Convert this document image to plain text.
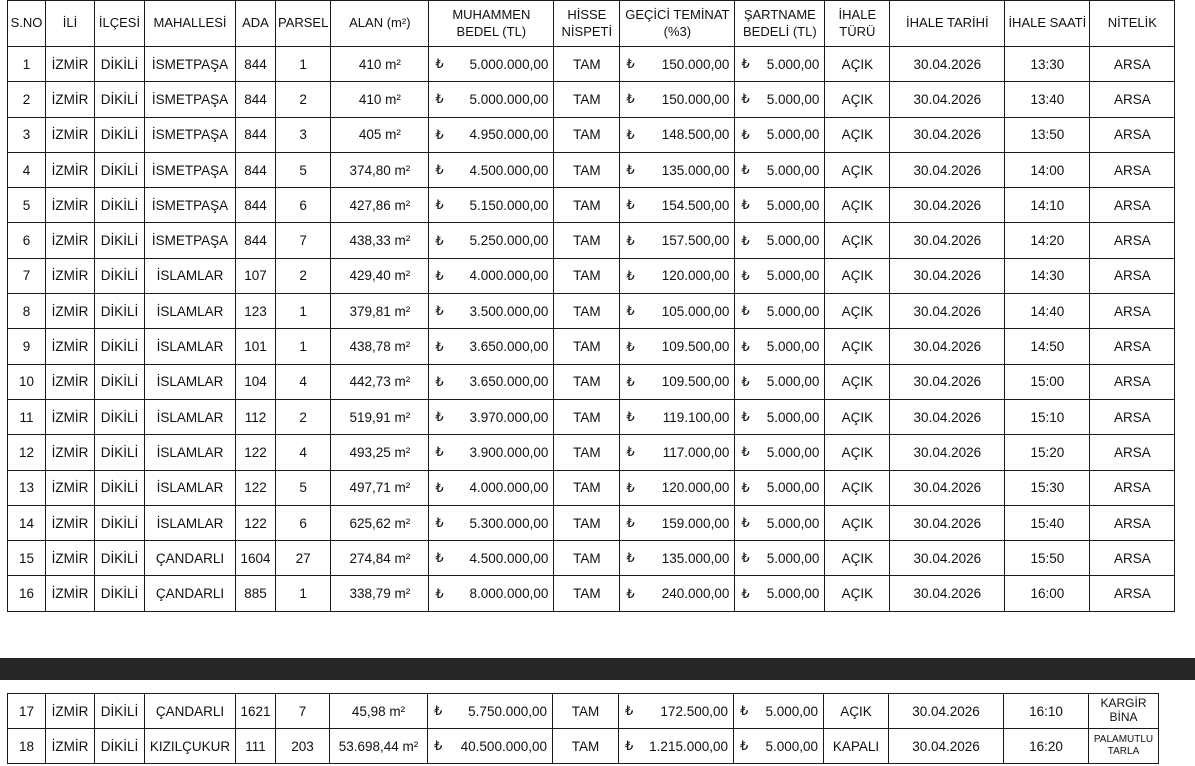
S.NO	İLİ	İLÇESİ	MAHALLESİ	ADA	PARSEL	ALAN (m²)	MUHAMMEN BEDEL (TL)	HİSSE NİSPETİ	GEÇİCİ TEMİNAT (%3)	ŞARTNAME BEDELİ (TL)	İHALE TÜRÜ	İHALE TARİHİ	İHALE SAATİ	NİTELİK
1	İZMİR	DİKİLİ	İSMETPAŞA	844	1	410 m²	₺ 5.000.000,00	TAM	₺ 150.000,00	₺ 5.000,00	AÇIK	30.04.2026	13:30	ARSA
2	İZMİR	DİKİLİ	İSMETPAŞA	844	2	410 m²	₺ 5.000.000,00	TAM	₺ 150.000,00	₺ 5.000,00	AÇIK	30.04.2026	13:40	ARSA
3	İZMİR	DİKİLİ	İSMETPAŞA	844	3	405 m²	₺ 4.950.000,00	TAM	₺ 148.500,00	₺ 5.000,00	AÇIK	30.04.2026	13:50	ARSA
4	İZMİR	DİKİLİ	İSMETPAŞA	844	5	374,80 m²	₺ 4.500.000,00	TAM	₺ 135.000,00	₺ 5.000,00	AÇIK	30.04.2026	14:00	ARSA
5	İZMİR	DİKİLİ	İSMETPAŞA	844	6	427,86 m²	₺ 5.150.000,00	TAM	₺ 154.500,00	₺ 5.000,00	AÇIK	30.04.2026	14:10	ARSA
6	İZMİR	DİKİLİ	İSMETPAŞA	844	7	438,33 m²	₺ 5.250.000,00	TAM	₺ 157.500,00	₺ 5.000,00	AÇIK	30.04.2026	14:20	ARSA
7	İZMİR	DİKİLİ	İSLAMLAR	107	2	429,40 m²	₺ 4.000.000,00	TAM	₺ 120.000,00	₺ 5.000,00	AÇIK	30.04.2026	14:30	ARSA
8	İZMİR	DİKİLİ	İSLAMLAR	123	1	379,81 m²	₺ 3.500.000,00	TAM	₺ 105.000,00	₺ 5.000,00	AÇIK	30.04.2026	14:40	ARSA
9	İZMİR	DİKİLİ	İSLAMLAR	101	1	438,78 m²	₺ 3.650.000,00	TAM	₺ 109.500,00	₺ 5.000,00	AÇIK	30.04.2026	14:50	ARSA
10	İZMİR	DİKİLİ	İSLAMLAR	104	4	442,73 m²	₺ 3.650.000,00	TAM	₺ 109.500,00	₺ 5.000,00	AÇIK	30.04.2026	15:00	ARSA
11	İZMİR	DİKİLİ	İSLAMLAR	112	2	519,91 m²	₺ 3.970.000,00	TAM	₺ 119.100,00	₺ 5.000,00	AÇIK	30.04.2026	15:10	ARSA
12	İZMİR	DİKİLİ	İSLAMLAR	122	4	493,25 m²	₺ 3.900.000,00	TAM	₺ 117.000,00	₺ 5.000,00	AÇIK	30.04.2026	15:20	ARSA
13	İZMİR	DİKİLİ	İSLAMLAR	122	5	497,71 m²	₺ 4.000.000,00	TAM	₺ 120.000,00	₺ 5.000,00	AÇIK	30.04.2026	15:30	ARSA
14	İZMİR	DİKİLİ	İSLAMLAR	122	6	625,62 m²	₺ 5.300.000,00	TAM	₺ 159.000,00	₺ 5.000,00	AÇIK	30.04.2026	15:40	ARSA
15	İZMİR	DİKİLİ	ÇANDARLI	1604	27	274,84 m²	₺ 4.500.000,00	TAM	₺ 135.000,00	₺ 5.000,00	AÇIK	30.04.2026	15:50	ARSA
16	İZMİR	DİKİLİ	ÇANDARLI	885	1	338,79 m²	₺ 8.000.000,00	TAM	₺ 240.000,00	₺ 5.000,00	AÇIK	30.04.2026	16:00	ARSA
17	İZMİR	DİKİLİ	ÇANDARLI	1621	7	45,98 m²	₺ 5.750.000,00	TAM	₺ 172.500,00	₺ 5.000,00	AÇIK	30.04.2026	16:10	KARGİR BİNA
18	İZMİR	DİKİLİ	KIZILÇUKUR	111	203	53.698,44 m²	₺ 40.500.000,00	TAM	₺ 1.215.000,00	₺ 5.000,00	KAPALI	30.04.2026	16:20	PALAMUTLU TARLA
